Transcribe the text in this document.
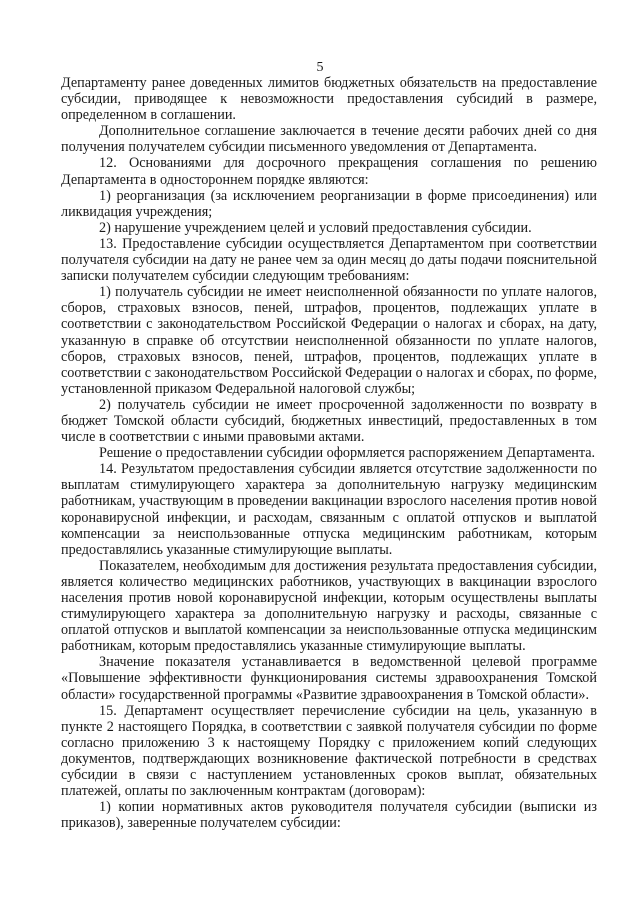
5

Департаменту ранее доведенных лимитов бюджетных обязательств на предоставление субсидии, приводящее к невозможности предоставления субсидий в размере, определенном в соглашении.

Дополнительное соглашение заключается в течение десяти рабочих дней со дня получения получателем субсидии письменного уведомления от Департамента.

12. Основаниями для досрочного прекращения соглашения по решению Департамента в одностороннем порядке являются:

1) реорганизация (за исключением реорганизации в форме присоединения) или ликвидация учреждения;

2) нарушение учреждением целей и условий предоставления субсидии.

13. Предоставление субсидии осуществляется Департаментом при соответствии получателя субсидии на дату не ранее чем за один месяц до даты подачи пояснительной записки получателем субсидии следующим требованиям:

1) получатель субсидии не имеет неисполненной обязанности по уплате налогов, сборов, страховых взносов, пеней, штрафов, процентов, подлежащих уплате в соответствии с законодательством Российской Федерации о налогах и сборах, на дату, указанную в справке об отсутствии неисполненной обязанности по уплате налогов, сборов, страховых взносов, пеней, штрафов, процентов, подлежащих уплате в соответствии с законодательством Российской Федерации о налогах и сборах, по форме, установленной приказом Федеральной налоговой службы;

2) получатель субсидии не имеет просроченной задолженности по возврату в бюджет Томской области субсидий, бюджетных инвестиций, предоставленных в том числе в соответствии с иными правовыми актами.

Решение о предоставлении субсидии оформляется распоряжением Департамента.

14. Результатом предоставления субсидии является отсутствие задолженности по выплатам стимулирующего характера за дополнительную нагрузку медицинским работникам, участвующим в проведении вакцинации взрослого населения против новой коронавирусной инфекции, и расходам, связанным с оплатой отпусков и выплатой компенсации за неиспользованные отпуска медицинским работникам, которым предоставлялись указанные стимулирующие выплаты.

Показателем, необходимым для достижения результата предоставления субсидии, является количество медицинских работников, участвующих в вакцинации взрослого населения против новой коронавирусной инфекции, которым осуществлены выплаты стимулирующего характера за дополнительную нагрузку и расходы, связанные с оплатой отпусков и выплатой компенсации за неиспользованные отпуска медицинским работникам, которым предоставлялись указанные стимулирующие выплаты.

Значение показателя устанавливается в ведомственной целевой программе «Повышение эффективности функционирования системы здравоохранения Томской области» государственной программы «Развитие здравоохранения в Томской области».

15. Департамент осуществляет перечисление субсидии на цель, указанную в пункте 2 настоящего Порядка, в соответствии с заявкой получателя субсидии по форме согласно приложению 3 к настоящему Порядку с приложением копий следующих документов, подтверждающих возникновение фактической потребности в средствах субсидии в связи с наступлением установленных сроков выплат, обязательных платежей, оплаты по заключенным контрактам (договорам):

1) копии нормативных актов руководителя получателя субсидии (выписки из приказов), заверенные получателем субсидии:
